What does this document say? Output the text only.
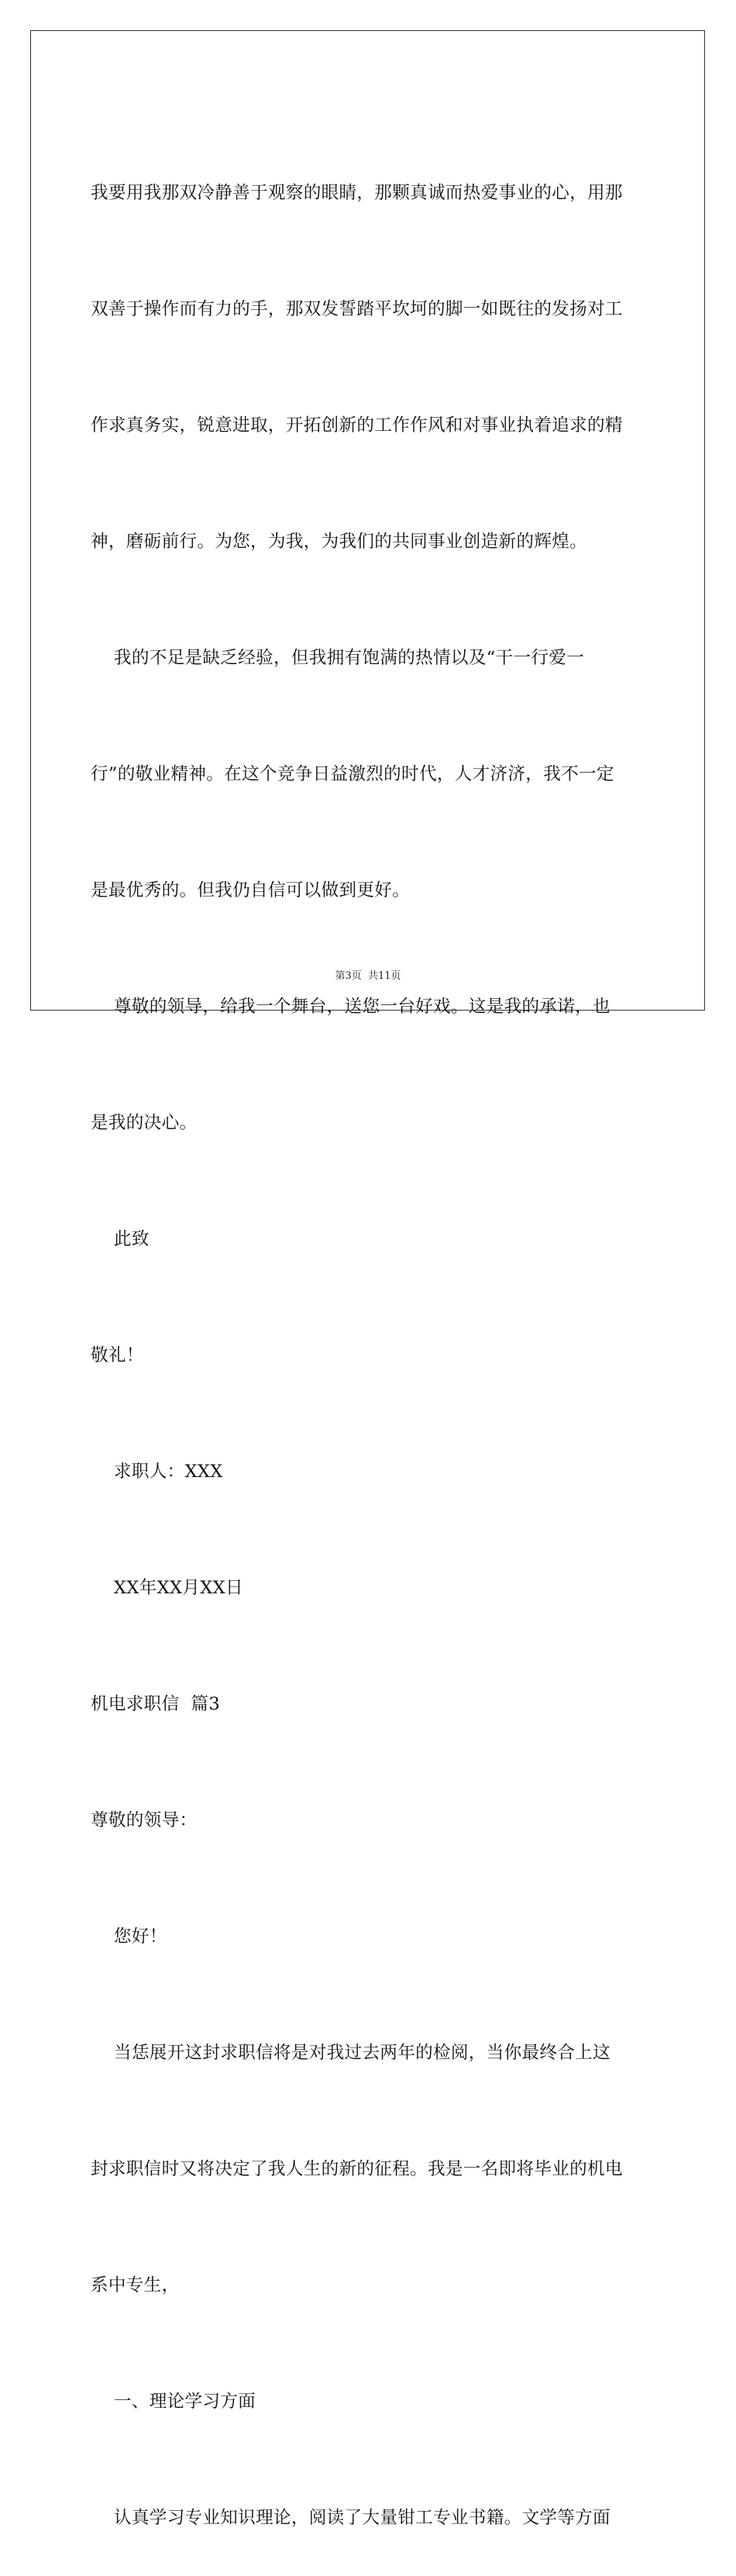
我要用我那双冷静善于观察的眼睛，那颗真诚而热爱事业的心，用那

双善于操作而有力的手，那双发誓踏平坎坷的脚一如既往的发扬对工

作求真务实，锐意进取，开拓创新的工作作风和对事业执着追求的精

神，磨砺前行。为您，为我，为我们的共同事业创造新的辉煌。

我的不足是缺乏经验，但我拥有饱满的热情以及“干一行爱一

行”的敬业精神。在这个竞争日益激烈的时代，人才济济，我不一定

是最优秀的。但我仍自信可以做到更好。

尊敬的领导，给我一个舞台，送您一台好戏。这是我的承诺，也

是我的决心。

此致

敬礼！

求职人：XXX

XX年XX月XX日

机电求职信  篇3

尊敬的领导：

您好！

当恁展开这封求职信将是对我过去两年的检阅，当你最终合上这

封求职信时又将决定了我人生的新的征程。我是一名即将毕业的机电

系中专生，

一、理论学习方面

认真学习专业知识理论，阅读了大量钳工专业书籍。文学等方面

第3页 共11页
